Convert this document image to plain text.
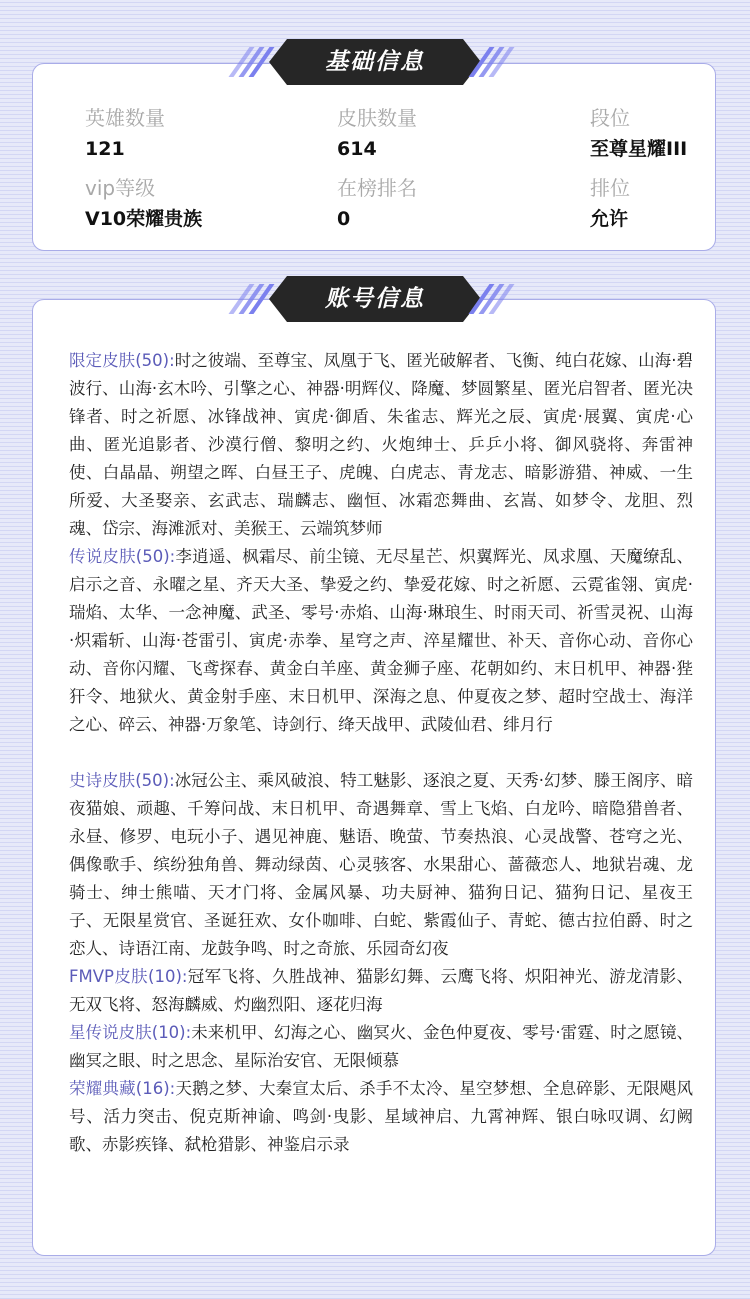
英雄数量
121
皮肤数量
614
段位
至尊星耀III
vip等级
V10荣耀贵族
在榜排名
0
排位
允许
基础信息

限定皮肤(50):时之彼端、至尊宝、凤凰于飞、匿光破解者、飞衡、纯白花嫁、山海·碧波行、山海·玄木吟、引擎之心、神器·明辉仪、降魔、梦圆繁星、匿光启智者、匿光决锋者、时之祈愿、冰锋战神、寅虎·御盾、朱雀志、辉光之辰、寅虎·展翼、寅虎·心曲、匿光追影者、沙漠行僧、黎明之约、火炮绅士、乒乒小将、御风骁将、奔雷神使、白晶晶、朔望之晖、白昼王子、虎魄、白虎志、青龙志、暗影游猎、神威、一生所爱、大圣娶亲、玄武志、瑞麟志、幽恒、冰霜恋舞曲、玄嵩、如梦令、龙胆、烈魂、岱宗、海滩派对、美猴王、云端筑梦师

传说皮肤(50):李逍遥、枫霜尽、前尘镜、无尽星芒、炽翼辉光、凤求凰、天魔缭乱、启示之音、永曜之星、齐天大圣、挚爱之约、挚爱花嫁、时之祈愿、云霓雀翎、寅虎·瑞焰、太华、一念神魔、武圣、零号·赤焰、山海·琳琅生、时雨天司、祈雪灵祝、山海·炽霜斩、山海·苍雷引、寅虎·赤拳、星穹之声、淬星耀世、补天、音你心动、音你心动、音你闪耀、飞鸢探春、黄金白羊座、黄金狮子座、花朝如约、末日机甲、神器·狴犴令、地狱火、黄金射手座、末日机甲、深海之息、仲夏夜之梦、超时空战士、海洋之心、碎云、神器·万象笔、诗剑行、绛天战甲、武陵仙君、绯月行

史诗皮肤(50):冰冠公主、乘风破浪、特工魅影、逐浪之夏、天秀·幻梦、滕王阁序、暗夜猫娘、顽趣、千筹问战、末日机甲、奇遇舞章、雪上飞焰、白龙吟、暗隐猎兽者、永昼、修罗、电玩小子、遇见神鹿、魅语、晚萤、节奏热浪、心灵战警、苍穹之光、偶像歌手、缤纷独角兽、舞动绿茵、心灵骇客、水果甜心、蔷薇恋人、地狱岩魂、龙骑士、绅士熊喵、天才门将、金属风暴、功夫厨神、猫狗日记、猫狗日记、星夜王子、无限星赏官、圣诞狂欢、女仆咖啡、白蛇、紫霞仙子、青蛇、德古拉伯爵、时之恋人、诗语江南、龙鼓争鸣、时之奇旅、乐园奇幻夜

FMVP皮肤(10):冠军飞将、久胜战神、猫影幻舞、云鹰飞将、炽阳神光、游龙清影、无双飞将、怒海麟威、灼幽烈阳、逐花归海

星传说皮肤(10):未来机甲、幻海之心、幽冥火、金色仲夏夜、零号·雷霆、时之愿镜、幽冥之眼、时之思念、星际治安官、无限倾慕

荣耀典藏(16):天鹅之梦、大秦宣太后、杀手不太冷、星空梦想、全息碎影、无限飓风号、活力突击、倪克斯神谕、鸣剑·曳影、星域神启、九霄神辉、银白咏叹调、幻阙歌、赤影疾锋、弑枪猎影、神鉴启示录

账号信息
